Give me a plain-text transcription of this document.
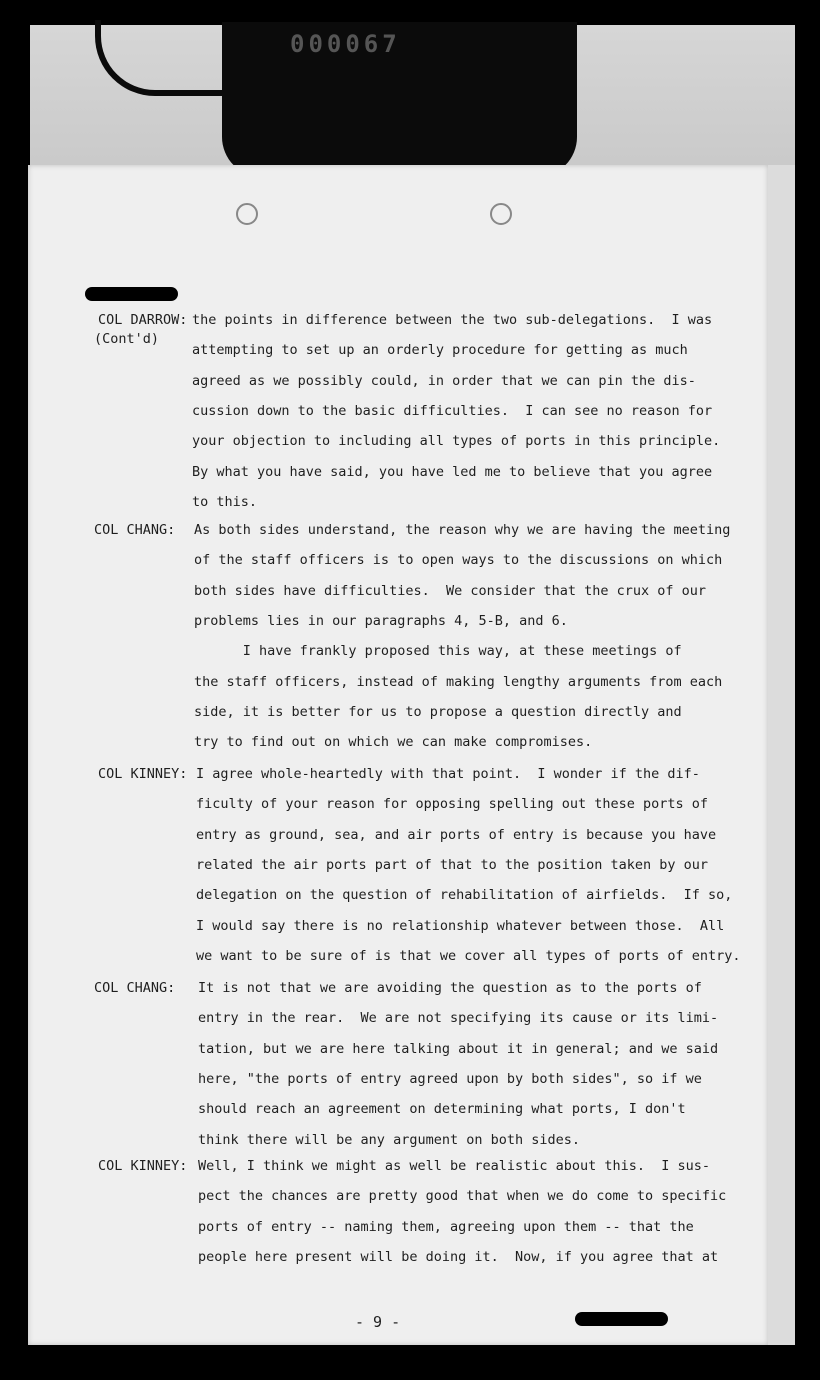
000067
COL DARROW:
(Cont'd)
the points in difference between the two sub-delegations.  I was
attempting to set up an orderly procedure for getting as much
agreed as we possibly could, in order that we can pin the dis-
cussion down to the basic difficulties.  I can see no reason for
your objection to including all types of ports in this principle.
By what you have said, you have led me to believe that you agree
to this.
COL CHANG: As both sides understand, the reason why we are having the meeting
of the staff officers is to open ways to the discussions on which
both sides have difficulties.  We consider that the crux of our
problems lies in our paragraphs 4, 5-B, and 6.
I have frankly proposed this way, at these meetings of
the staff officers, instead of making lengthy arguments from each
side, it is better for us to propose a question directly and
try to find out on which we can make compromises.
COL KINNEY: I agree whole-heartedly with that point.  I wonder if the dif-
ficulty of your reason for opposing spelling out these ports of
entry as ground, sea, and air ports of entry is because you have
related the air ports part of that to the position taken by our
delegation on the question of rehabilitation of airfields.  If so,
I would say there is no relationship whatever between those.  All
we want to be sure of is that we cover all types of ports of entry.
COL CHANG: It is not that we are avoiding the question as to the ports of
entry in the rear.  We are not specifying its cause or its limi-
tation, but we are here talking about it in general; and we said
here, "the ports of entry agreed upon by both sides", so if we
should reach an agreement on determining what ports, I don't
think there will be any argument on both sides.
COL KINNEY: Well, I think we might as well be realistic about this.  I sus-
pect the chances are pretty good that when we do come to specific
ports of entry -- naming them, agreeing upon them -- that the
people here present will be doing it.  Now, if you agree that at
- 9 -
